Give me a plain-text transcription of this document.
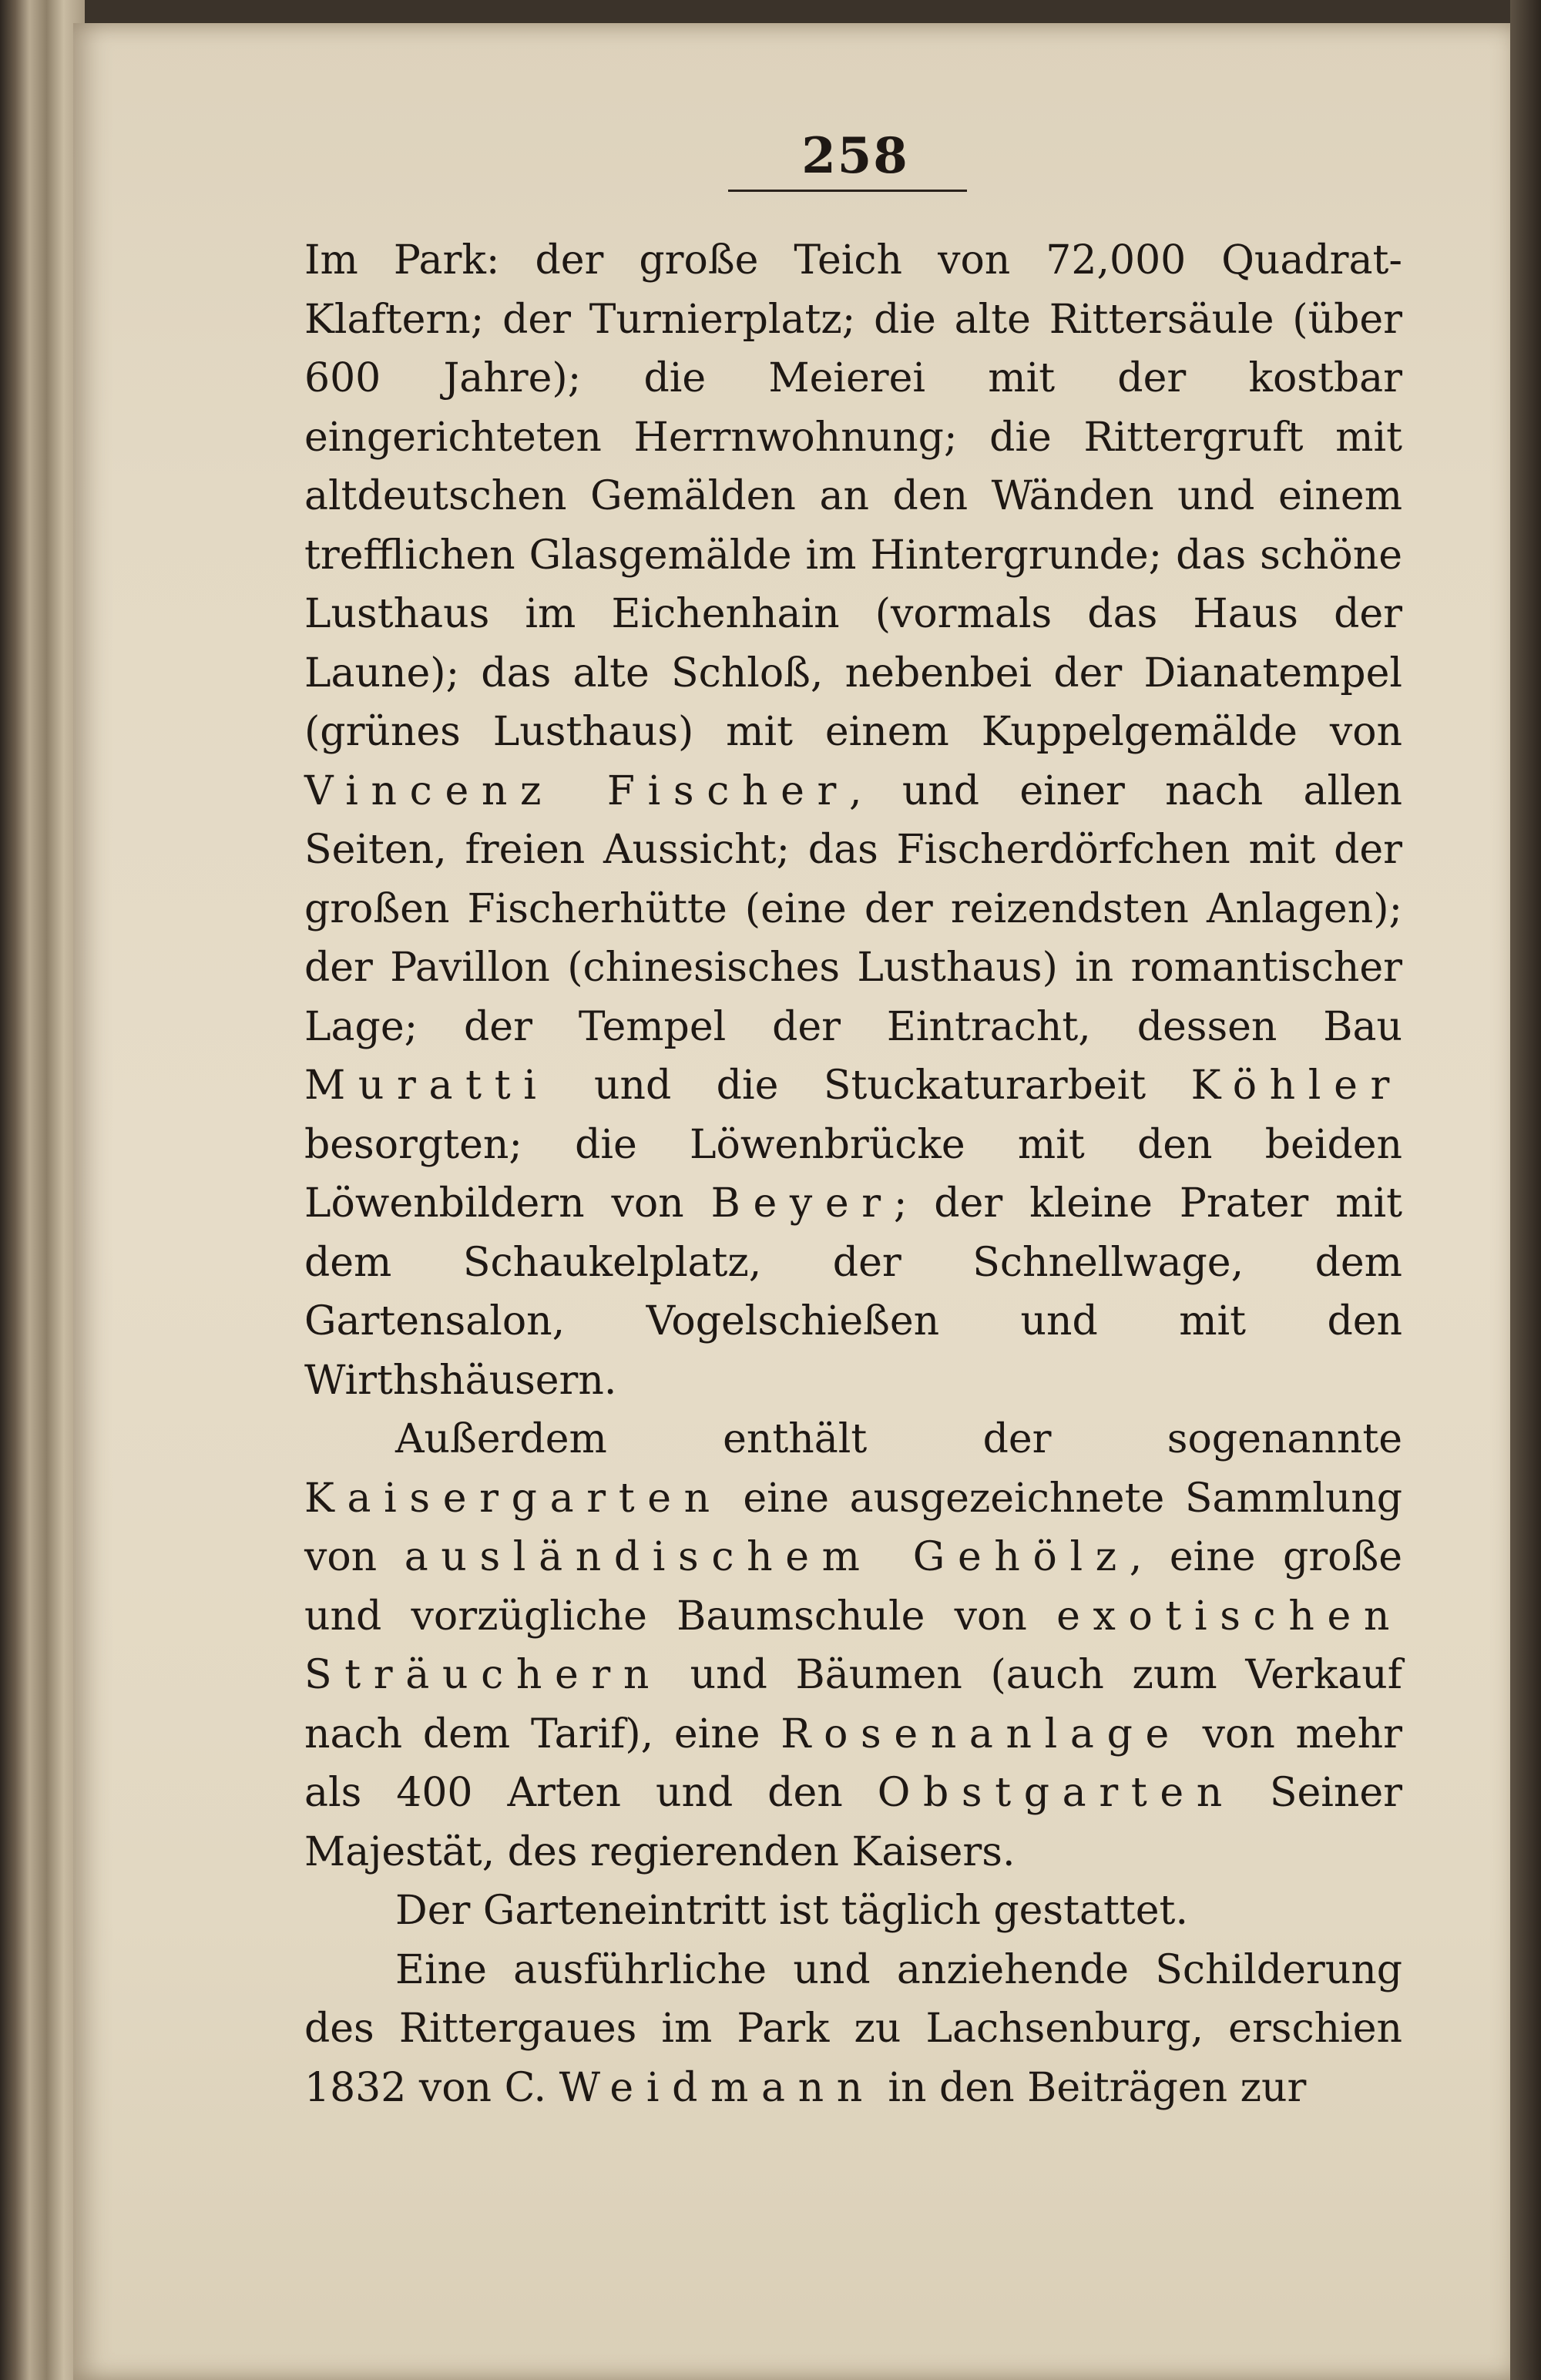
258

Im Park: der große Teich von 72,000 Quadrat-Klaftern; der Turnierplatz; die alte Rittersäule (über 600 Jahre); die Meierei mit der kostbar eingerichteten Herrnwohnung; die Rittergruft mit altdeutschen Gemälden an den Wänden und einem trefflichen Glasgemälde im Hintergrunde; das schöne Lusthaus im Eichenhain (vormals das Haus der Laune); das alte Schloß, nebenbei der Dianatempel (grünes Lusthaus) mit einem Kuppelgemälde von Vincenz Fischer, und einer nach allen Seiten, freien Aussicht; das Fischerdörfchen mit der großen Fischerhütte (eine der reizendsten Anlagen); der Pavillon (chinesisches Lusthaus) in romantischer Lage; der Tempel der Eintracht, dessen Bau Muratti und die Stuckaturarbeit Köhler besorgten; die Löwenbrücke mit den beiden Löwenbildern von Beyer; der kleine Prater mit dem Schaukelplatz, der Schnellwage, dem Gartensalon, Vogelschießen und mit den Wirthshäusern.

Außerdem enthält der sogenannte Kaisergarten eine ausgezeichnete Sammlung von ausländischem Gehölz, eine große und vorzügliche Baumschule von exotischen Sträuchern und Bäumen (auch zum Verkauf nach dem Tarif), eine Rosenanlage von mehr als 400 Arten und den Obstgarten Seiner Majestät, des regierenden Kaisers.

Der Garteneintritt ist täglich gestattet.

Eine ausführliche und anziehende Schilderung des Rittergaues im Park zu Lachsenburg, erschien 1832 von C. Weidmann in den Beiträgen zur
